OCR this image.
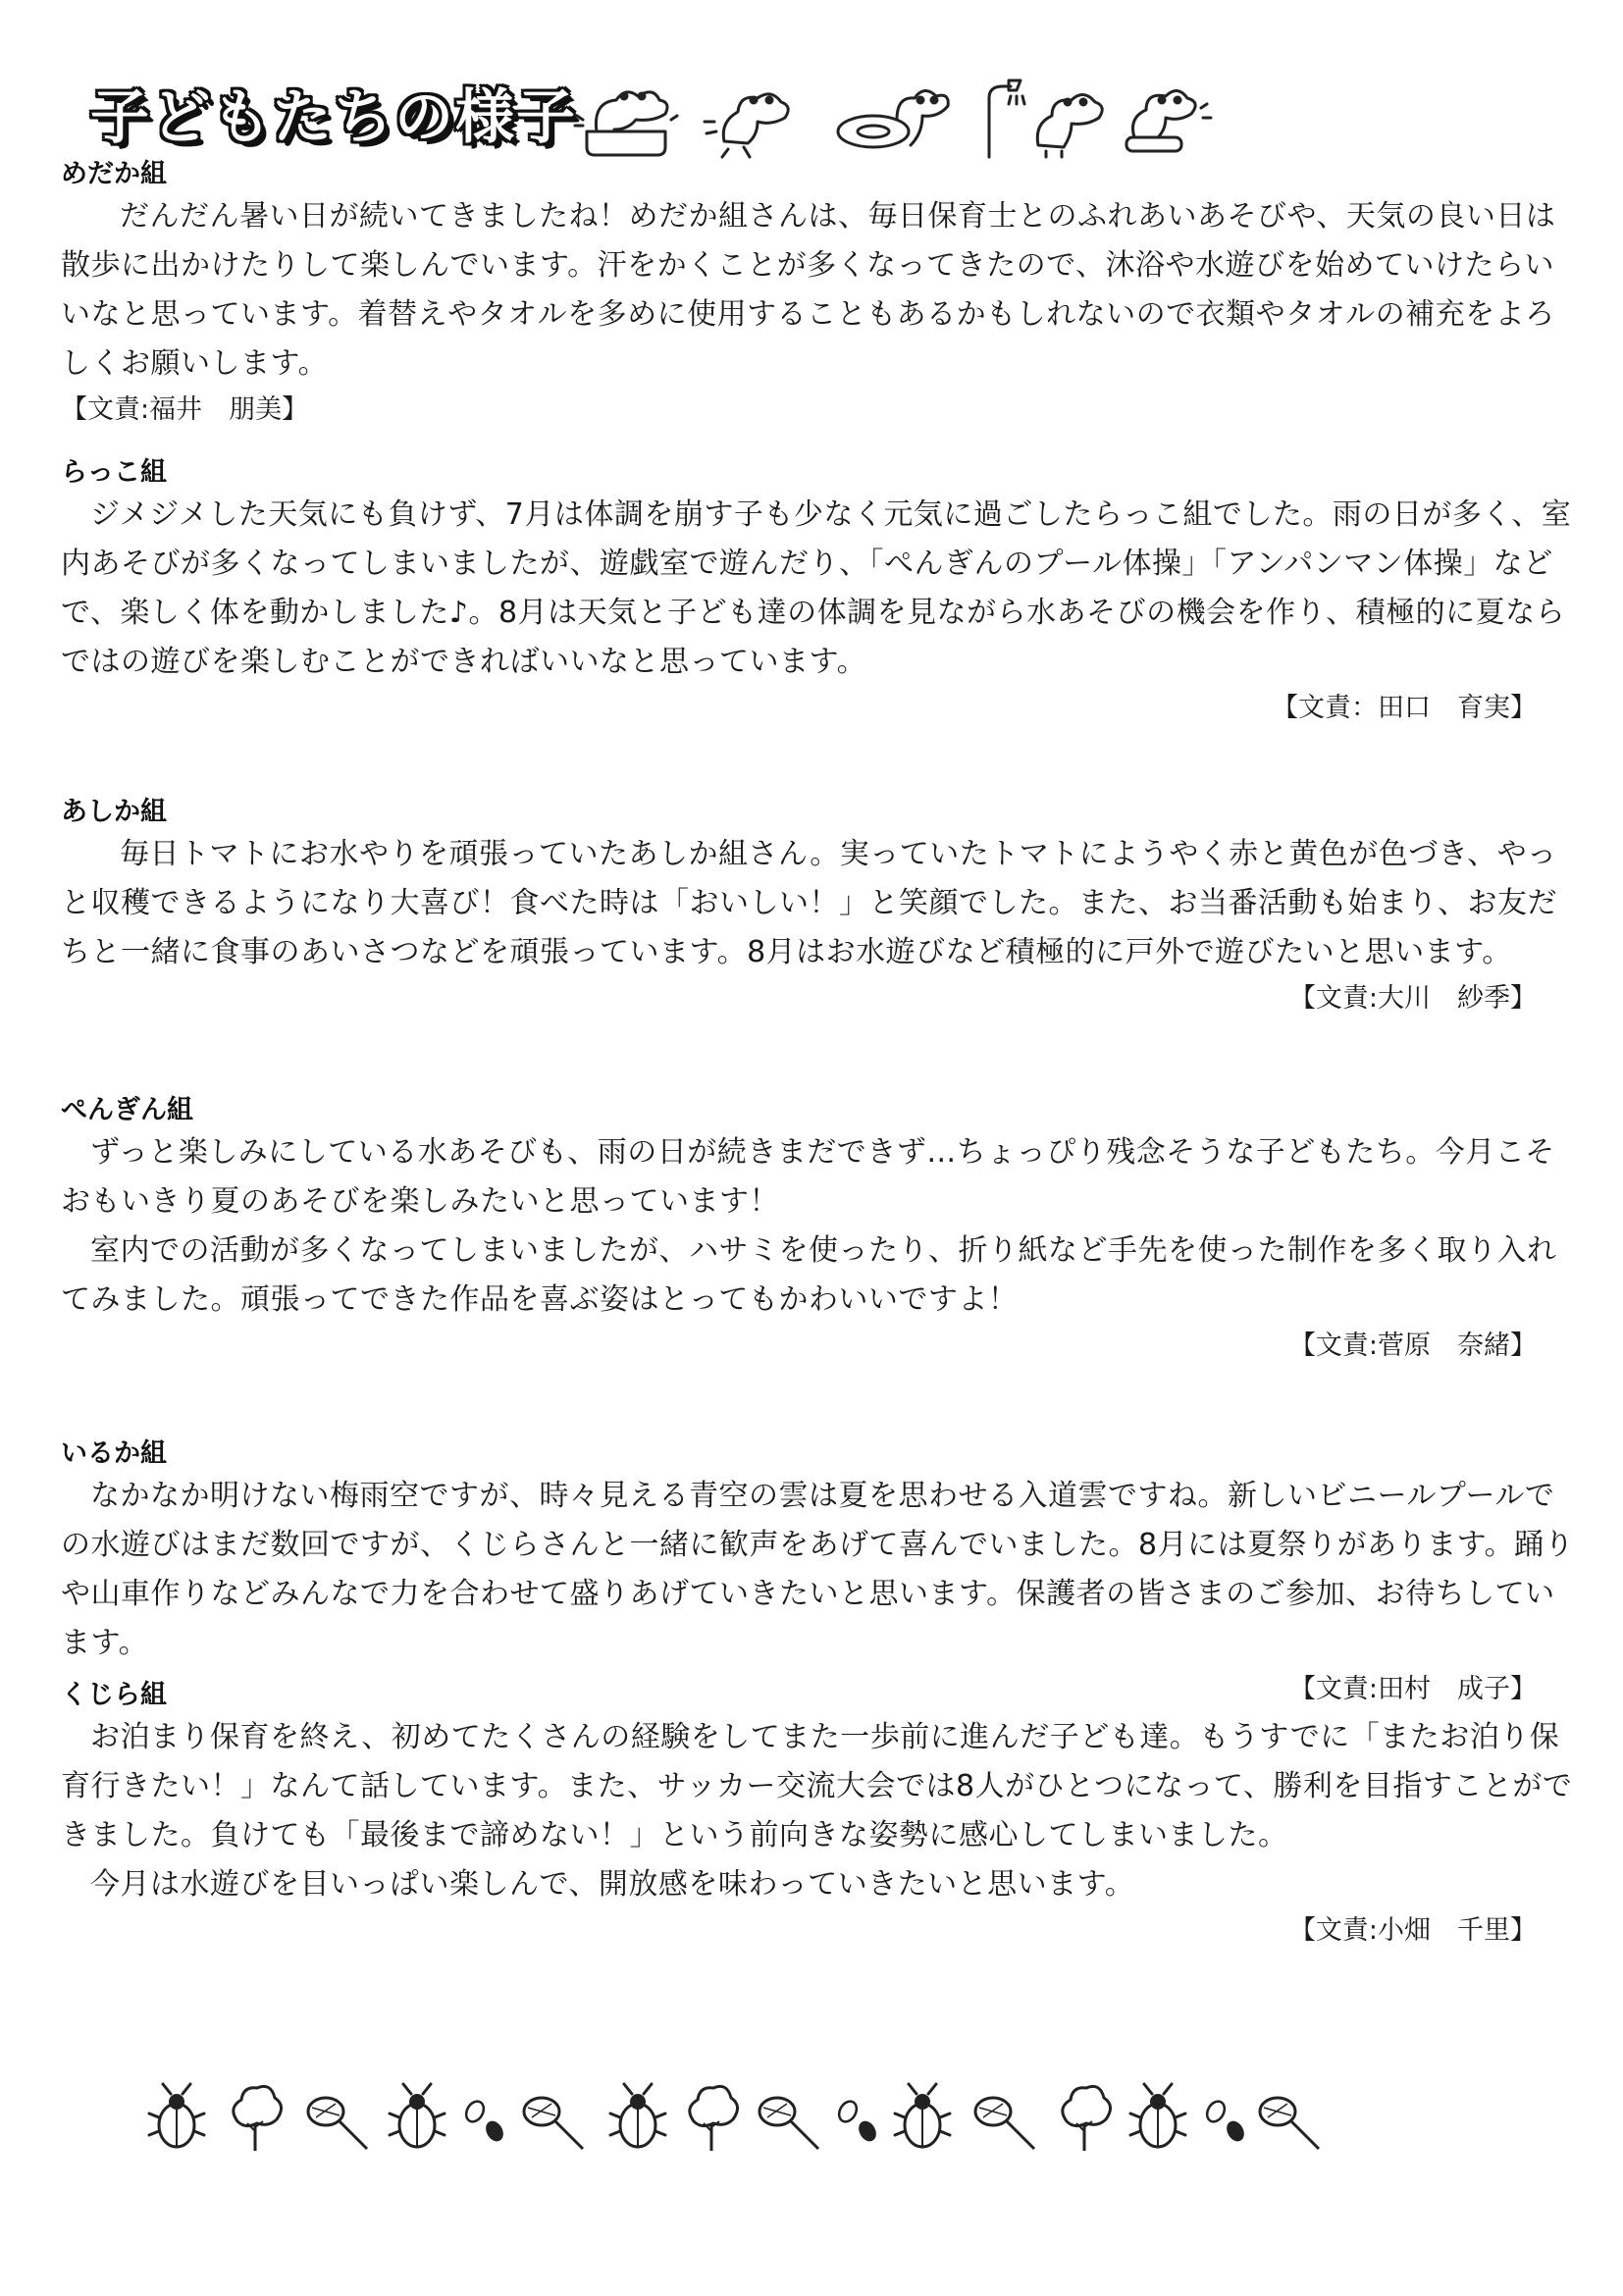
子どもたちの様子
めだか組

だんだん暑い日が続いてきましたね！めだか組さんは、毎日保育士とのふれあいあそびや、天気の良い日は散歩に出かけたりして楽しんでいます。汗をかくことが多くなってきたので、沐浴や水遊びを始めていけたらいいなと思っています。着替えやタオルを多めに使用することもあるかもしれないので衣類やタオルの補充をよろしくお願いします。

【文責:福井　朋美】
らっこ組

ジメジメした天気にも負けず、7月は体調を崩す子も少なく元気に過ごしたらっこ組でした。雨の日が多く、室内あそびが多くなってしまいましたが、遊戯室で遊んだり、「ぺんぎんのプール体操」「アンパンマン体操」などで、楽しく体を動かしました♪。8月は天気と子ども達の体調を見ながら水あそびの機会を作り、積極的に夏ならではの遊びを楽しむことができればいいなと思っています。

【文責：田口　育実】
あしか組

毎日トマトにお水やりを頑張っていたあしか組さん。実っていたトマトにようやく赤と黄色が色づき、やっと収穫できるようになり大喜び！食べた時は「おいしい！」と笑顔でした。また、お当番活動も始まり、お友だちと一緒に食事のあいさつなどを頑張っています。8月はお水遊びなど積極的に戸外で遊びたいと思います。

【文責:大川　紗季】
ぺんぎん組

ずっと楽しみにしている水あそびも、雨の日が続きまだできず…ちょっぴり残念そうな子どもたち。今月こそおもいきり夏のあそびを楽しみたいと思っています！

室内での活動が多くなってしまいましたが、ハサミを使ったり、折り紙など手先を使った制作を多く取り入れてみました。頑張ってできた作品を喜ぶ姿はとってもかわいいですよ！

【文責:菅原　奈緒】
いるか組

なかなか明けない梅雨空ですが、時々見える青空の雲は夏を思わせる入道雲ですね。新しいビニールプールでの水遊びはまだ数回ですが、くじらさんと一緒に歓声をあげて喜んでいました。8月には夏祭りがあります。踊りや山車作りなどみんなで力を合わせて盛りあげていきたいと思います。保護者の皆さまのご参加、お待ちしています。

【文責:田村　成子】
くじら組

お泊まり保育を終え、初めてたくさんの経験をしてまた一歩前に進んだ子ども達。もうすでに「またお泊り保育行きたい！」なんて話しています。また、サッカー交流大会では8人がひとつになって、勝利を目指すことができました。負けても「最後まで諦めない！」という前向きな姿勢に感心してしまいました。

今月は水遊びを目いっぱい楽しんで、開放感を味わっていきたいと思います。

【文責:小畑　千里】
